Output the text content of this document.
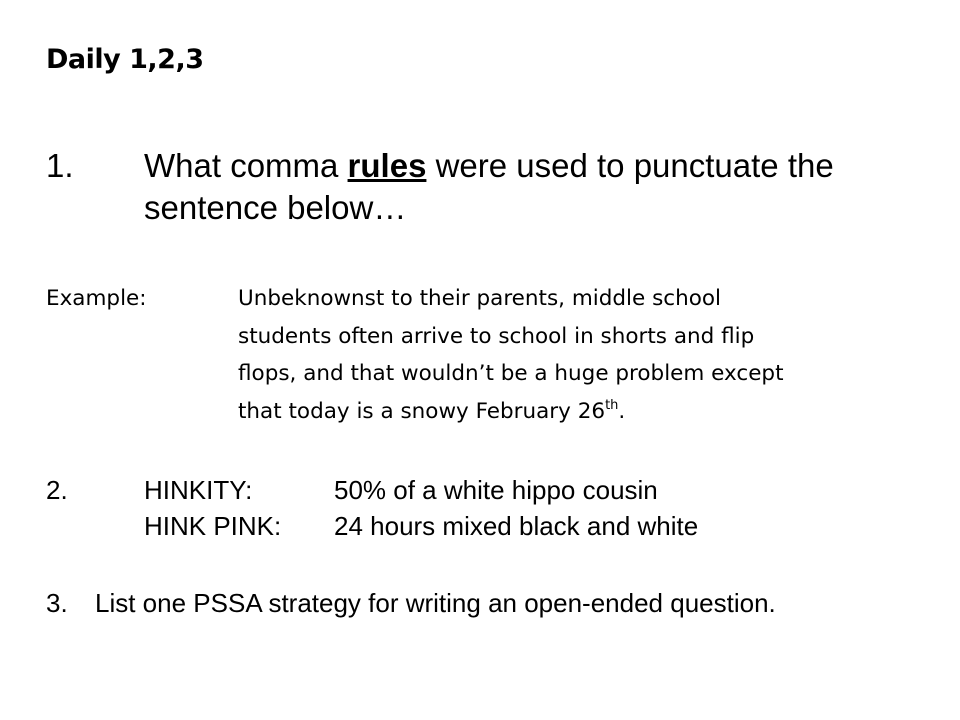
Daily 1,2,3
1. What comma rules were used to punctuate the sentence below…
Example:	Unbeknownst to their parents, middle school
students often arrive to school in shorts and flip
flops, and that wouldn’t be a huge problem except
that today is a snowy February 26th.
2.	HINKITY:	50% of a white hippo cousin
HINK PINK: 24 hours mixed black and white
3. List one PSSA strategy for writing an open-ended question.
